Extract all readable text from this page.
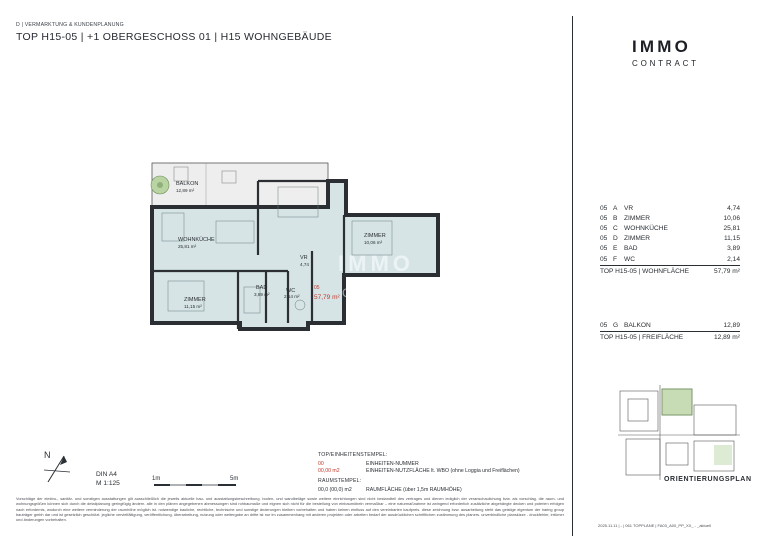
D | VERMARKTUNG & KUNDENPLANUNG
TOP H15-05 | +1 OBERGESCHOSS 01 | H15 WOHNGEBÄUDE	IMMO
CONTRACT
BALKON
12,89 m²
WOHNKÜCHE
25,81 m²
ZIMMER
10,06 m²
VR
4,74
ZIMMER
11,15 m²
BAD
3,89 m²
WC
2,14 m²
05
57,79 m²
IMMO
CONTRACT
05 A VR	4,74
05 B ZIMMER	10,06
05 C WOHNKÜCHE	25,81
05 D ZIMMER	11,15
05 E BAD	3,89
05 F	WC	2,14
TOP H15-05 | WOHNFLÄCHE	57,79 m²
05 G BALKON	12,89
TOP H15-05 | FREIFLÄCHE	12,89 m²
ORIENTIERUNGSPLAN
N
DIN A4
M 1:125
1m	5m
TOP/EINHEITENSTEMPEL:
00	EINHEITEN-NUMMER
00,00 m2	EINHEITEN-NUTZFLÄCHE lt. WBO (ohne Loggia und Freiflächen)
RAUMSTEMPEL:
00,0 (00,0) m2	RAUMFLÄCHE (über 1,5m RAUMHÖHE)
Vorschläge der elektro-, sanitär- und sonstigen ausstattungen gilt ausschließlich die jeweils aktuelle bau- und ausstattungsbeschreibung. boden- und wandbeläge sowie weitere einrichtungen sind nicht bestandteil des vertrages und dienen lediglich der veranschaulichung bzw. als vorschlag. die raum- und wohnungsgrößen können sich durch die detailplanung geringfügig ändern. alle in den plänen angegebenen abmessungen sind rohbaumaße und eignen sich nicht für die bestellung von einbaumöbeln vermaßbar – eine naturmaßnahme ist zwingend erforderlich zusätzliche abgehängte decken und poterien erfolgen nach erfordernis, wodurch eine weitere verminderung der raumhöhe möglich ist. notwendige bauliche, rechtliche, technische und sonstige änderungen bleiben vorbehalten und haben keinen einfluss auf den vereinbarten kaufpreis. diese zeichnung bzw. ausarbeitung steht das geistige eigentum der haring group bauträger gmbh dar und ist gesetzlich geschützt. jegliche vervielfältigung, veröffentlichung, überarbeitung, nutzung oder weitergabe an dritte ist nur im zusammenhang mit anderen projekten oder arbeiten bedarf der ausdrücklichen schriftlichen zustimmung des planers. unverbindliche planskizze - druckfehler, irrtümer und änderungen vorbehalten.
2025.11.11 | - | 061 TOPPLÄNE | FA03_A00_PP_XX_ - _aktuell
